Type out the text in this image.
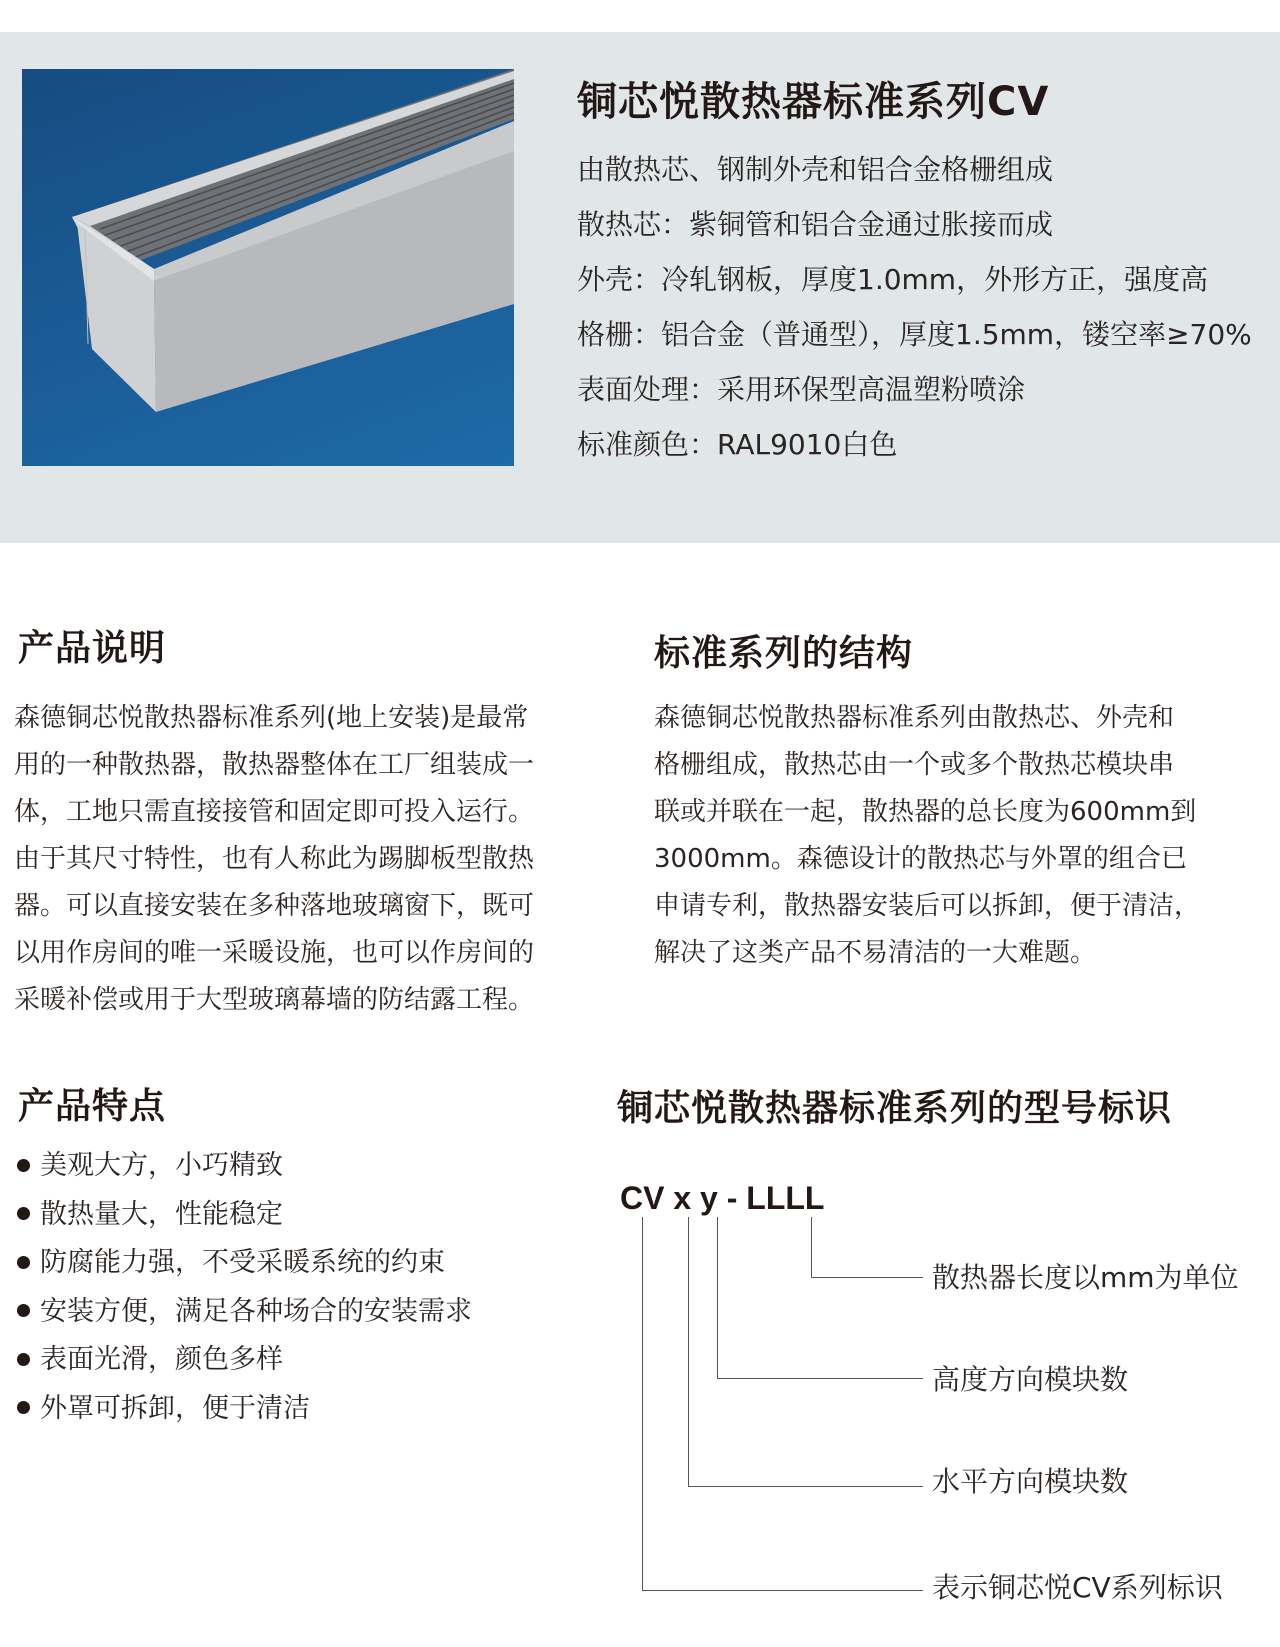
铜芯悦散热器标准系列CV
由散热芯、钢制外壳和铝合金格栅组成
散热芯：紫铜管和铝合金通过胀接而成
外壳：冷轧钢板，厚度1.0mm，外形方正，强度高
格栅：铝合金（普通型），厚度1.5mm，镂空率≥70%
表面处理：采用环保型高温塑粉喷涂
标准颜色：RAL9010白色
产品说明
森德铜芯悦散热器标准系列(地上安装)是最常
用的一种散热器，散热器整体在工厂组装成一
体，工地只需直接接管和固定即可投入运行。
由于其尺寸特性，也有人称此为踢脚板型散热
器。可以直接安装在多种落地玻璃窗下，既可
以用作房间的唯一采暖设施，也可以作房间的
采暖补偿或用于大型玻璃幕墙的防结露工程。
标准系列的结构
森德铜芯悦散热器标准系列由散热芯、外壳和
格栅组成，散热芯由一个或多个散热芯模块串
联或并联在一起，散热器的总长度为600mm到
3000mm。森德设计的散热芯与外罩的组合已
申请专利，散热器安装后可以拆卸，便于清洁，
解决了这类产品不易清洁的一大难题。
产品特点
美观大方，小巧精致
散热量大，性能稳定
防腐能力强，不受采暖系统的约束
安装方便，满足各种场合的安装需求
表面光滑，颜色多样
外罩可拆卸，便于清洁
铜芯悦散热器标准系列的型号标识
CV x y - LLLL
散热器长度以mm为单位
高度方向模块数
水平方向模块数
表示铜芯悦CV系列标识
